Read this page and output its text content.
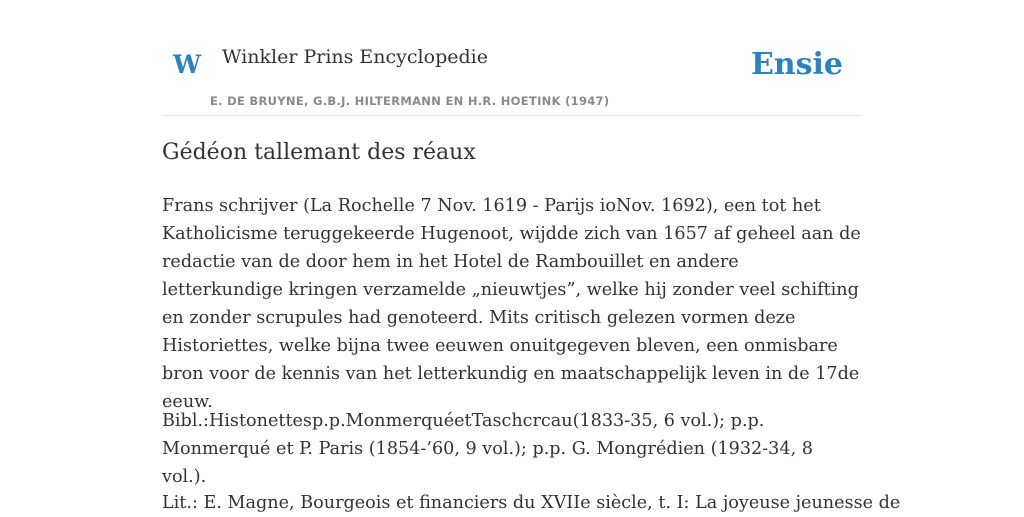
W Winkler Prins Encyclopedie
E. DE BRUYNE, G.B.J. HILTERMANN EN H.R. HOETINK (1947)
Ensie
Gédéon tallemant des réaux

Frans schrijver (La Rochelle 7 Nov. 1619 - Parijs ioNov. 1692), een tot het Katholicisme teruggekeerde Hugenoot, wijdde zich van 1657 af geheel aan de redactie van de door hem in het Hotel de Rambouillet en andere letterkundige kringen verzamelde „nieuwtjes”, welke hij zonder veel schifting en zonder scrupules had genoteerd. Mits critisch gelezen vormen deze Historiettes, welke bijna twee eeuwen onuitgegeven bleven, een onmisbare bron voor de kennis van het letterkundig en maatschappelijk leven in de 17de eeuw.

Bibl.:Histonettesp.p.MonmerquéetTaschcrcau(1833-35, 6 vol.); p.p. Monmerqué et P. Paris (1854-’60, 9 vol.); p.p. G. Mongrédien (1932-34, 8 vol.).

Lit.: E. Magne, Bourgeois et financiers du XVIIe siècle, t. I: La joyeuse jeunesse de
